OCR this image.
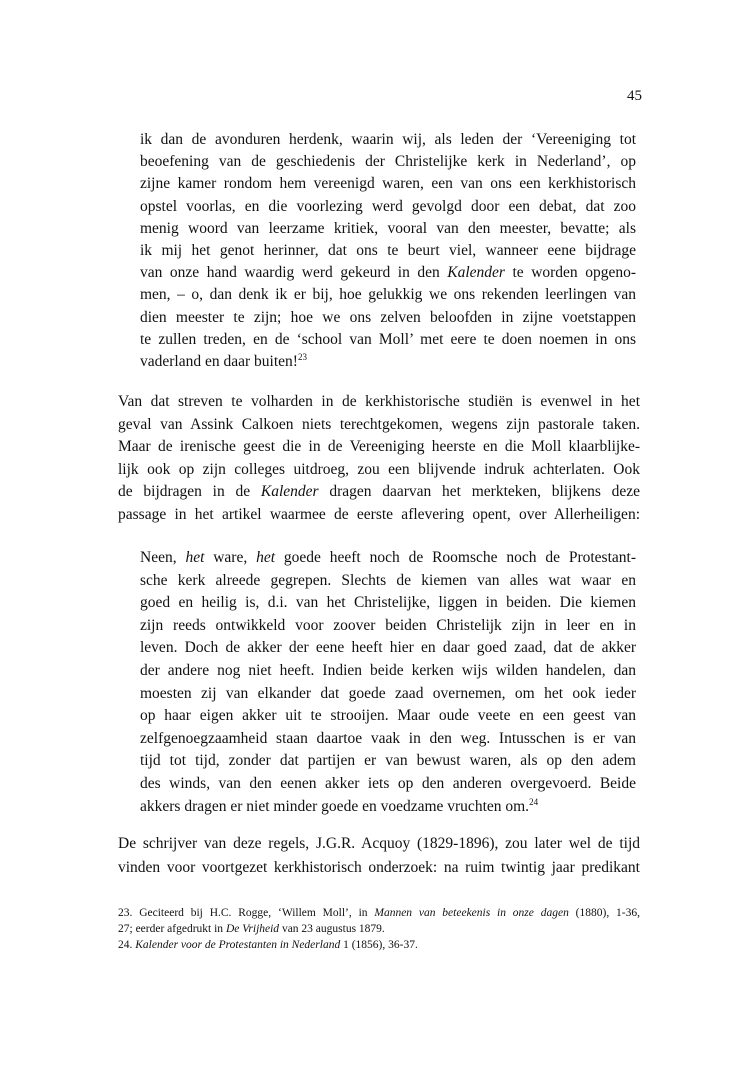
45
ik dan de avonduren herdenk, waarin wij, als leden der ‘Vereeniging tot
beoefening van de geschiedenis der Christelijke kerk in Nederland’, op
zijne kamer rondom hem vereenigd waren, een van ons een kerkhistorisch
opstel voorlas, en die voorlezing werd gevolgd door een debat, dat zoo
menig woord van leerzame kritiek, vooral van den meester, bevatte; als
ik mij het genot herinner, dat ons te beurt viel, wanneer eene bijdrage
van onze hand waardig werd gekeurd in den Kalender te worden opgeno-
men, – o, dan denk ik er bij, hoe gelukkig we ons rekenden leerlingen van
dien meester te zijn; hoe we ons zelven beloofden in zijne voetstappen
te zullen treden, en de ‘school van Moll’ met eere te doen noemen in ons
vaderland en daar buiten!$^{23}$
Van dat streven te volharden in de kerkhistorische studiën is evenwel in het
geval van Assink Calkoen niets terechtgekomen, wegens zijn pastorale taken.
Maar de irenische geest die in de Vereeniging heerste en die Moll klaarblijke-
lijk ook op zijn colleges uitdroeg, zou een blijvende indruk achterlaten. Ook
de bijdragen in de Kalender dragen daarvan het merkteken, blijkens deze
passage in het artikel waarmee de eerste aflevering opent, over Allerheiligen:
Neen, het ware, het goede heeft noch de Roomsche noch de Protestant-
sche kerk alreede gegrepen. Slechts de kiemen van alles wat waar en
goed en heilig is, d.i. van het Christelijke, liggen in beiden. Die kiemen
zijn reeds ontwikkeld voor zoover beiden Christelijk zijn in leer en in
leven. Doch de akker der eene heeft hier en daar goed zaad, dat de akker
der andere nog niet heeft. Indien beide kerken wijs wilden handelen, dan
moesten zij van elkander dat goede zaad overnemen, om het ook ieder
op haar eigen akker uit te strooijen. Maar oude veete en een geest van
zelfgenoegzaamheid staan daartoe vaak in den weg. Intusschen is er van
tijd tot tijd, zonder dat partijen er van bewust waren, als op den adem
des winds, van den eenen akker iets op den anderen overgevoerd. Beide
akkers dragen er niet minder goede en voedzame vruchten om.$^{24}$
De schrijver van deze regels, J.G.R. Acquoy (1829-1896), zou later wel de tijd
vinden voor voortgezet kerkhistorisch onderzoek: na ruim twintig jaar predikant
23. Geciteerd bij H.C. Rogge, ‘Willem Moll’, in Mannen van beteekenis in onze dagen (1880), 1-36,
27; eerder afgedrukt in De Vrijheid van 23 augustus 1879.
24. Kalender voor de Protestanten in Nederland 1 (1856), 36-37.
